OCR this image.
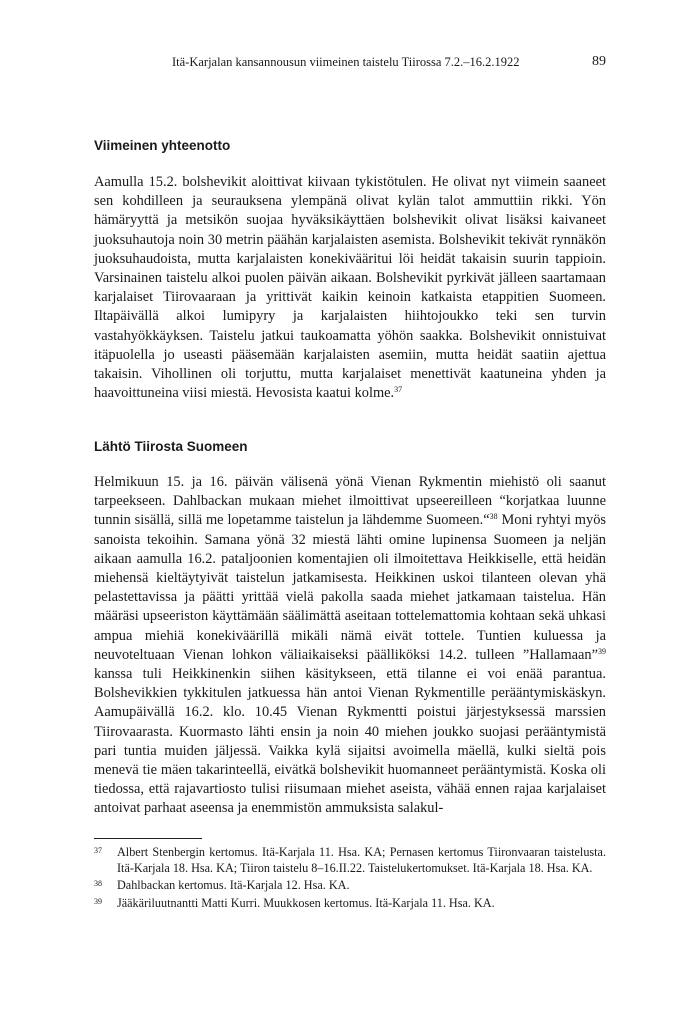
Itä-Karjalan kansannousun viimeinen taistelu Tiirossa 7.2.–16.2.1922	89
Viimeinen yhteenotto

Aamulla 15.2. bolshevikit aloittivat kiivaan tykistötulen. He olivat nyt viimein saaneet sen kohdilleen ja seurauksena ylempänä olivat kylän talot ammuttiin rikki. Yön hämäryyttä ja metsikön suojaa hyväksikäyttäen bolshevikit olivat lisäksi kaivaneet juoksuhautoja noin 30 metrin päähän karjalaisten asemista. Bolshevikit tekivät rynnäkön juoksuhaudoista, mutta karjalaisten konekivääritui löi heidät takaisin suurin tappioin. Varsinainen taistelu alkoi puolen päivän aikaan. Bolshevikit pyrkivät jälleen saartamaan karjalaiset Tiirovaaraan ja yrittivät kaikin keinoin katkaista etappitien Suomeen. Iltapäivällä alkoi lumipyry ja karjalaisten hiihtojoukko teki sen turvin vastahyökkäyksen. Taistelu jatkui taukoamatta yöhön saakka. Bolshevikit onnistuivat itäpuolella jo useasti pääsemään karjalaisten asemiin, mutta heidät saatiin ajettua takaisin. Vihollinen oli torjuttu, mutta karjalaiset menettivät kaatuneina yhden ja haavoittuneina viisi miestä. Hevosista kaatui kolme.$^{37}$

Lähtö Tiirosta Suomeen

Helmikuun 15. ja 16. päivän välisenä yönä Vienan Rykmentin miehistö oli saanut tarpeekseen. Dahlbackan mukaan miehet ilmoittivat upseereilleen “korjatkaa luunne tunnin sisällä, sillä me lopetamme taistelun ja lähdemme Suomeen.“$^{38}$ Moni ryhtyi myös sanoista tekoihin. Samana yönä 32 miestä lähti omine lupinensa Suomeen ja neljän aikaan aamulla 16.2. pataljoonien komentajien oli ilmoitettava Heikkiselle, että heidän miehensä kieltäytyivät taistelun jatkamisesta. Heikkinen uskoi tilanteen olevan yhä pelastettavissa ja päätti yrittää vielä pakolla saada miehet jatkamaan taistelua. Hän määräsi upseeriston käyttämään säälimättä aseitaan tottelemattomia kohtaan sekä uhkasi ampua miehiä konekiväärillä mikäli nämä eivät tottele. Tuntien kuluessa ja neuvoteltuaan Vienan lohkon väliaikaiseksi päälliköksi 14.2. tulleen ”Hallamaan”$^{39}$ kanssa tuli Heikkinenkin siihen käsitykseen, että tilanne ei voi enää parantua. Bolshevikkien tykkitulen jatkuessa hän antoi Vienan Rykmentille perääntymiskäskyn. Aamupäivällä 16.2. klo. 10.45 Vienan Rykmentti poistui järjestyksessä marssien Tiirovaarasta. Kuormasto lähti ensin ja noin 40 miehen joukko suojasi perääntymistä pari tuntia muiden jäljessä. Vaikka kylä sijaitsi avoimella mäellä, kulki sieltä pois menevä tie mäen takarinteellä, eivätkä bolshevikit huomanneet perääntymistä. Koska oli tiedossa, että rajavartiosto tulisi riisumaan miehet aseista, vähää ennen rajaa karjalaiset antoivat parhaat aseensa ja enemmistön ammuksista salakul-

37	Albert Stenbergin kertomus. Itä-Karjala 11. Hsa. KA; Pernasen kertomus Tiironvaaran taistelusta. Itä-Karjala 18. Hsa. KA; Tiiron taistelu 8–16.II.22. Taistelukertomukset. Itä-Karjala 18. Hsa. KA.
38	Dahlbackan kertomus. Itä-Karjala 12. Hsa. KA.
39	Jääkäriluutnantti Matti Kurri. Muukkosen kertomus. Itä-Karjala 11. Hsa. KA.
